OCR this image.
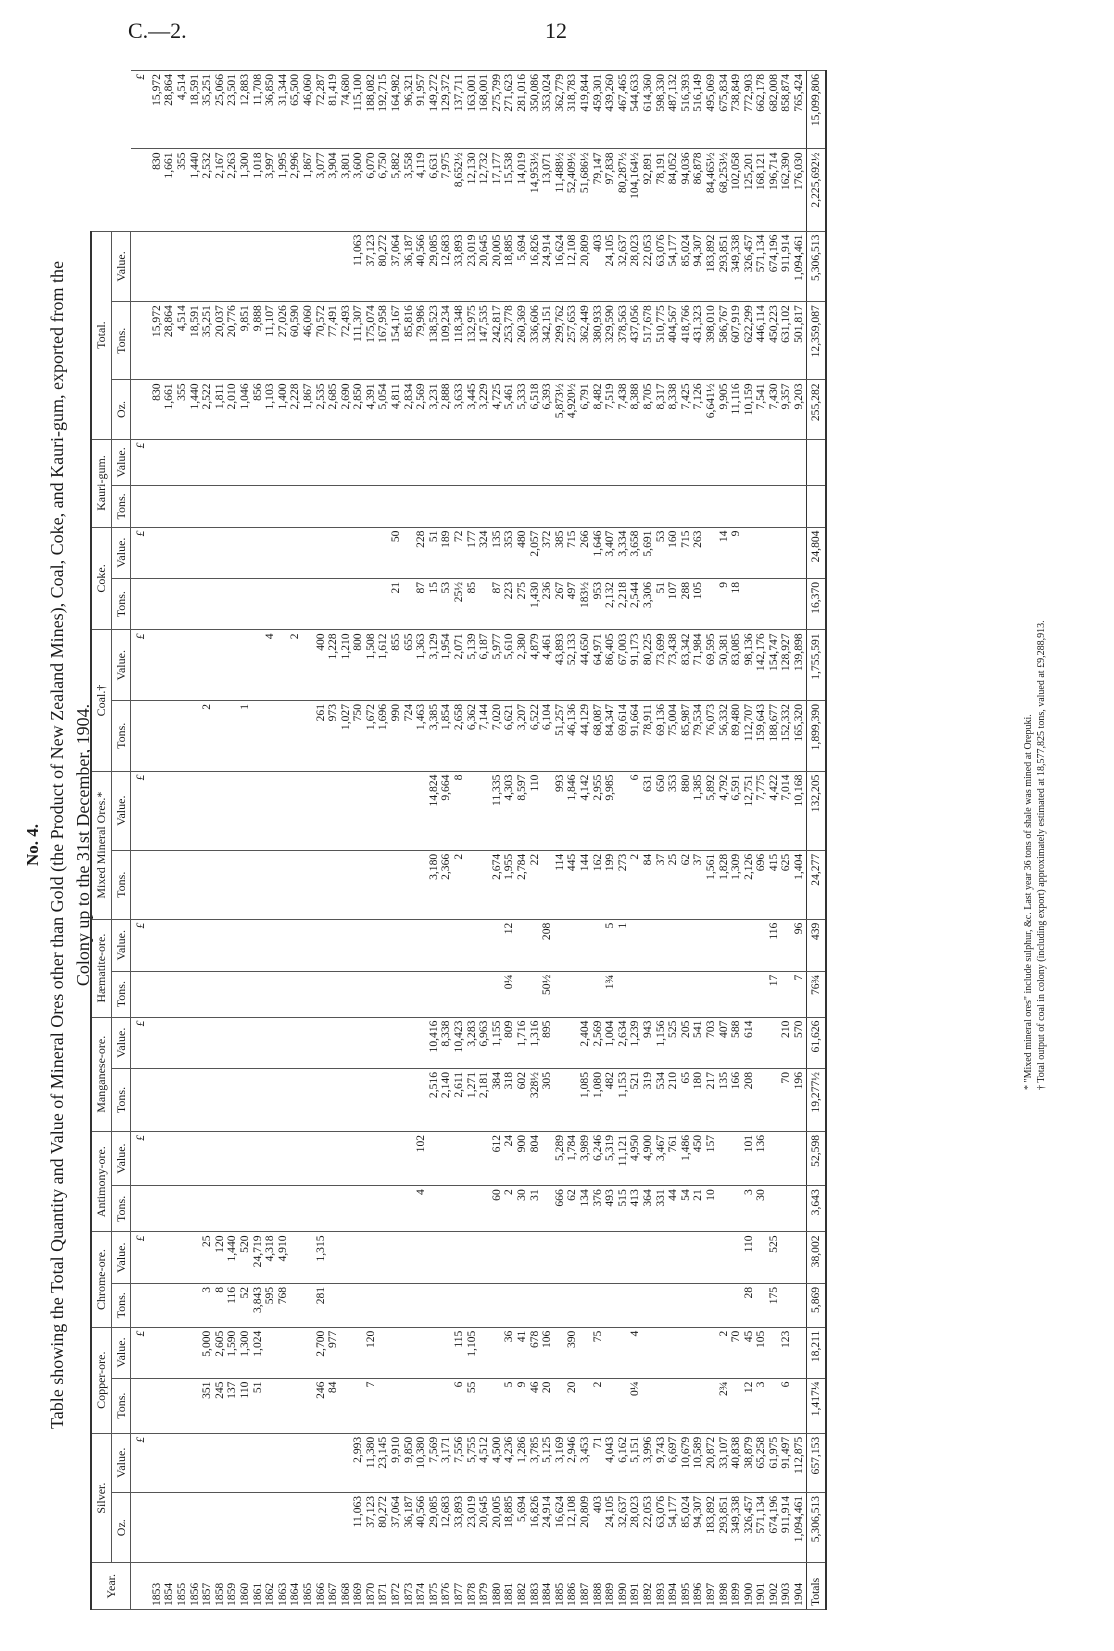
C.—2.	12
No. 4. Table showing the Total Quantity and Value of Mineral Ores other than Gold (the Product of New Zealand Mines), Coal, Coke, and Kauri-gum, exported from the Colony up to the 31st December, 1904.
Year.	Silver.		Copper-ore.		Chrome-ore.		Antimony-ore.		Manganese-ore.		Hæmatite-ore.		Mixed Mineral Ores.*		Coal.†		Coke.		Kauri-gum.		Total.				
	Oz.	Value.	Tons.	Value.	Tons.	Value.	Tons.	Value.	Tons.	Value.	Tons.	Value.	Tons.	Value.	Tons.	Value.	Tons.	Value.	Tons.	Value.	Oz.	Tons.	Value.		
		£		£		£		£		£		£		£		£		£		£					£
1853																					830	15,972		830	15,972
1854																					1,661	28,864		1,661	28,864
1855																					355	4,514		355	4,514
1856																					1,440	18,591		1,440	18,591
1857			351	5,000	3	25									2						2,522	35,251		2,532	35,251
1858			245	2,605	8	120															1,811	20,037		2,167	25,066
1859			137	1,590	116	1,440															2,010	20,776		2,263	23,501
1860			110	1,300	52	520									1						1,046	9,851		1,300	12,883
1861			51	1,024	3,843	24,719															856	9,888		1,018	11,708
1862					595	4,318										4					1,103	11,107		3,997	36,850
1863					768	4,910															1,400	27,026		1,995	31,344
1864																2					2,228	60,590		2,996	65,500
1865																					1,867	46,060		1,867	46,060
1866			246	2,700	281	1,315									261	400					2,535	70,572		3,077	72,287
1867			84	977											973	1,228					2,685	77,491		3,904	81,419
1868															1,027	1,210					2,690	72,493		3,801	74,680
1869	11,063	2,993													750	800					2,850	111,307	11,063	3,600	115,100
1870	37,123	11,380	7	120											1,672	1,508					4,391	175,074	37,123	6,070	188,082
1871	80,272	23,145													1,696	1,612					5,054	167,958	80,272	6,750	192,715
1872	37,064	9,910													990	855	21	50			4,811	154,167	37,064	5,882	164,982
1873	36,187	9,850													724	655					2,834	85,816	36,187	3,558	96,321
1874	40,566	10,380					4	102							1,463	1,363	87	228			2,569	79,986	40,566	4,119	91,957
1875	29,085	7,569							2,516	10,416			3,180	14,824	3,385	3,129	15	51			3,231	138,523	29,085	6,631	149,272
1876	12,683	3,171							2,140	8,338			2,366	9,664	1,854	1,954	53	189			2,888	109,234	12,683	7,975	129,372
1877	33,893	7,556	6	115					2,611	10,423			2	8	2,658	2,071	25½	72			3,633	118,348	33,893	8,652½	137,711
1878	23,019	5,755	55	1,105					1,271	3,283					6,362	5,139	85	177			3,445	132,975	23,019	12,130	163,001
1879	20,645	4,512							2,181	6,963					7,144	6,187		324			3,229	147,535	20,645	12,732	168,001
1880	20,005	4,500					60	612	384	1,155			2,674	11,335	7,020	5,977	87	135			4,725	242,817	20,005	17,177	275,799
1881	18,885	4,236	5	36			2	24	318	809	0¼	12	1,955	4,303	6,621	5,610	223	353			5,461	253,778	18,885	15,538	271,623
1882	5,694	1,286	9	41			30	900	602	1,716			2,784	8,597	3,207	2,380	275	480			5,333	260,369	5,694	14,019	281,016
1883	16,826	3,785	46	678			31	804	328½	1,316			22	110	6,522	4,879	1,430	2,057			6,518	336,606	16,826	14,953½	350,086
1884	24,914	5,125	20	106					305	895	50½	208			6,104	4,461	236	372			6,393	342,151	24,914	13,071	353,024
1885	16,624	3,169					666	5,289					114	993	51,257	43,893	267	385			5,873½	299,762	16,624	11,488½	362,779
1886	12,108	2,946	20	390			62	1,784					445	1,846	46,136	52,133	497	715			4,920½	257,653	12,108	52,409½	318,783
1887	20,809	3,453					134	3,989	1,085	2,404			144	4,142	44,129	44,650	183½	266			6,791	362,449	20,809	51,686½	419,844
1888	403	71	2	75			376	6,246	1,080	2,569			162	2,955	68,087	64,971	953	1,646			8,482	380,933	403	79,147	459,301
1889	24,105	4,043					493	5,319	482	1,004	1¾	5	199	9,985	84,347	86,405	2,132	3,407			7,519	329,590	24,105	97,838	439,260
1890	32,637	6,162					515	11,121	1,153	2,634		1	273		69,614	67,003	2,218	3,334			7,438	378,563	32,637	80,287½	467,465
1891	28,023	5,151	0¼	4			413	4,950	521	1,239			2	6	91,664	91,173	2,544	3,658			8,388	437,056	28,023	104,164½	544,633
1892	22,053	3,996					364	4,900	319	943			84	631	78,911	80,225	3,306	5,691			8,705	517,678	22,053	92,891	614,360
1893	63,076	9,743					331	3,467	534	1,156			37	650	69,136	73,699	51	53			8,317	510,775	63,076	78,191	598,330
1894	54,177	6,697					44	761	210	525			25	353	75,004	73,438	107	160			8,338	404,567	54,177	84,052	487,132
1895	85,024	10,679					54	1,486	65	205			62	880	85,987	83,342	288	715			7,425	418,766	85,024	94,036	516,393
1896	94,307	10,589					21	450	180	541			37	1,385	79,534	71,984	105	263			7,126	431,323	94,307	86,878	516,149
1897	183,892	20,872					10	157	217	703			1,561	5,892	76,073	69,595					6,641½	398,010	183,892	84,465½	495,069
1898	293,851	33,107	2¾	2					135	407			1,828	4,792	56,332	50,381	9	14			9,905	586,767	293,851	68,253½	675,834
1899	349,338	40,838		70					166	588			1,309	6,591	89,480	83,085	18	9			11,116	607,919	349,338	102,058	738,849
1900	326,457	38,879	12	45	28	110	3	101	208	614			2,126	12,751	112,707	98,136					10,159	622,299	326,457	125,201	772,903
1901	571,134	65,258	3	105			30	136					696	7,775	159,643	142,176					7,541	446,114	571,134	168,121	662,178
1902	674,196	61,975			175	525					17	116	415	4,422	188,677	154,747					7,430	450,223	674,196	196,714	682,008
1903	911,914	91,497	6	123					70	210			625	7,014	152,332	128,927					9,357	631,102	911,914	162,390	858,874
1904	1,094,461	112,875							196	570	7	96	1,404	10,168	165,320	139,898					9,203	501,817	1,094,461	176,030	765,424
Totals	5,306,513	657,153	1,417¼	18,211	5,869	38,002	3,643	52,598	19,277½	61,626	76¾	439	24,277	132,205	1,899,390	1,755,591	16,370	24,804			255,282	12,359,087	5,306,513	2,225,692½	15,099,806
* "Mixed mineral ores" include sulphur, &c. Last year 36 tons of shale was mined at Orepuki. † Total output of coal in colony (including export) approximately estimated at 18,577,825 tons, valued at £9,288,913.
